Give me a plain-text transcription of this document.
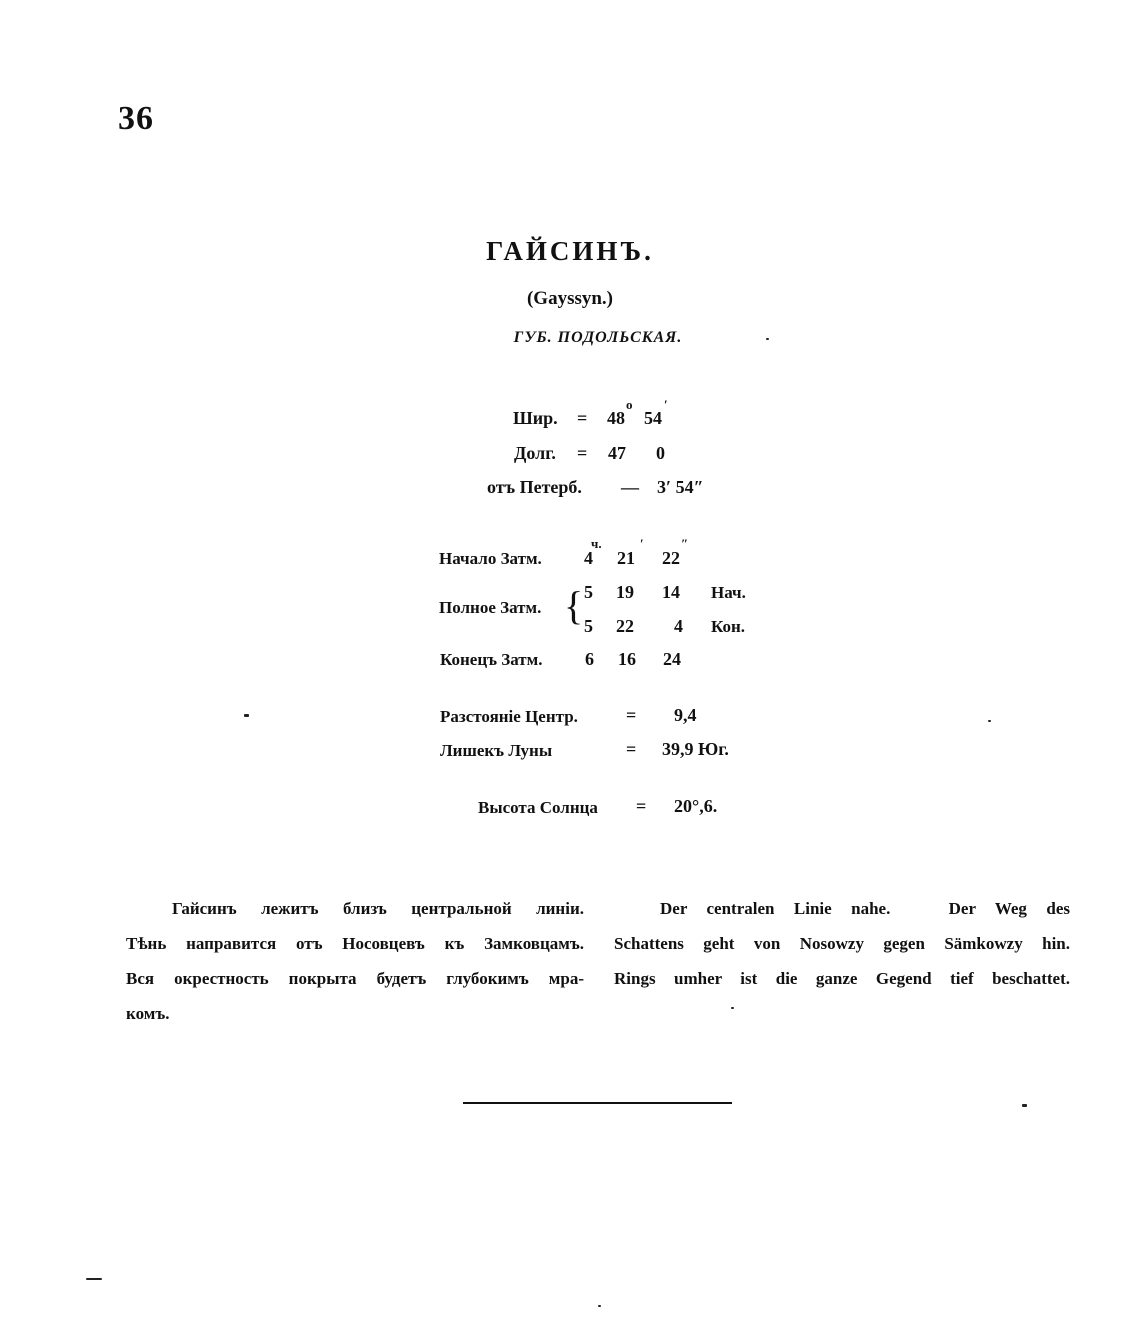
36
ГАЙСИНЪ.
(Gayssyn.)
ГУБ. ПОДОЛЬСКАЯ.
o ′
Шир. = 48 54
Долг. = 47 0
отъ Петерб. — 3′ 54″
ч.	′	″
Начало Затм. 4 21 22
Полное Затм. { 5 19 14 Нач.
5 22 4 Кон.
Конецъ Затм. 6 16 24
Разстояніе Центр.	= 9,4
Лишекъ Луны	= 39,9 Юг.
Высота Солнца = 20°,6.
Гайсинъ лежитъ близъ центральной линіи.
Тѣнь направится отъ Носовцевъ къ Замковцамъ.
Вся окрестность покрыта будетъ глубокимъ мра-
комъ.
Der centralen Linie nahe.   Der Weg des
Schattens geht von Nosowzy gegen Sämkowzy hin.
Rings umher ist die ganze Gegend tief beschattet.
